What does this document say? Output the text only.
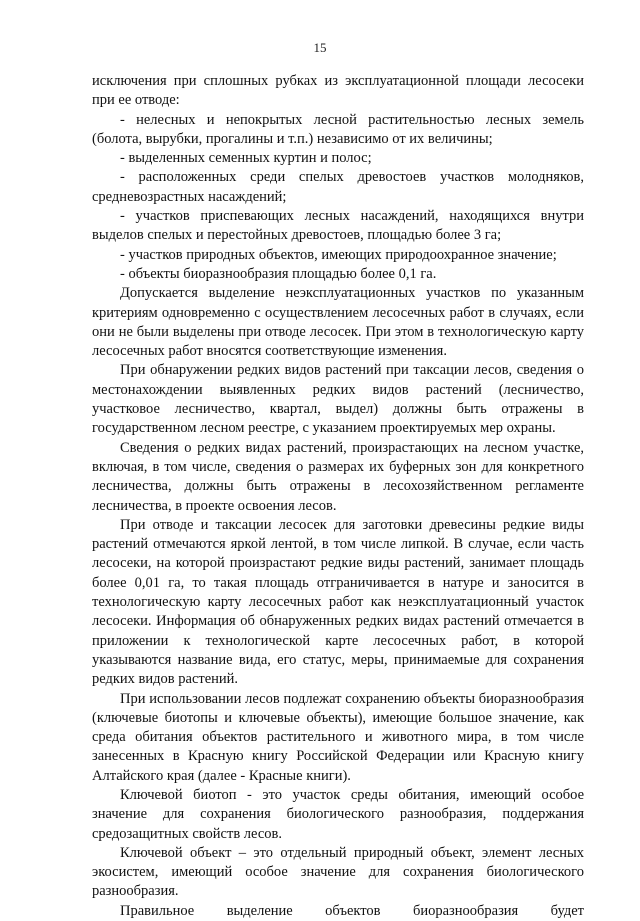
15

исключения при сплошных рубках из эксплуатационной площади лесосеки при ее отводе:

- нелесных и непокрытых лесной растительностью лесных земель (болота, вырубки, прогалины и т.п.) независимо от их величины;

- выделенных семенных куртин и полос;

- расположенных среди спелых древостоев участков молодняков, средневозрастных насаждений;

- участков приспевающих лесных насаждений, находящихся внутри выделов спелых и перестойных древостоев, площадью более 3 га;

- участков природных объектов, имеющих природоохранное значение;

- объекты биоразнообразия площадью более 0,1 га.

Допускается выделение неэксплуатационных участков по указанным критериям одновременно с осуществлением лесосечных работ в случаях, если они не были выделены при отводе лесосек. При этом в технологическую карту лесосечных работ вносятся соответствующие изменения.

При обнаружении редких видов растений при таксации лесов, сведения о местонахождении выявленных редких видов растений (лесничество, участковое лесничество, квартал, выдел) должны быть отражены в государственном лесном реестре, с указанием проектируемых мер охраны.

Сведения о редких видах растений, произрастающих на лесном участке, включая, в том числе, сведения о размерах их буферных зон для конкретного лесничества, должны быть отражены в лесохозяйственном регламенте лесничества, в проекте освоения лесов.

При отводе и таксации лесосек для заготовки древесины редкие виды растений отмечаются яркой лентой, в том числе липкой. В случае, если часть лесосеки, на которой произрастают редкие виды растений, занимает площадь более 0,01 га, то такая площадь отграничивается в натуре и заносится в технологическую карту лесосечных работ как неэксплуатационный участок лесосеки. Информация об обнаруженных редких видах растений отмечается в приложении к технологической карте лесосечных работ, в которой указываются название вида, его статус, меры, принимаемые для сохранения редких видов растений.

При использовании лесов подлежат сохранению объекты биоразнообразия (ключевые биотопы и ключевые объекты), имеющие большое значение, как среда обитания объектов растительного и животного мира, в том числе занесенных в Красную книгу Российской Федерации или Красную книгу Алтайского края (далее - Красные книги).

Ключевой биотоп - это участок среды обитания, имеющий особое значение для сохранения биологического разнообразия, поддержания средозащитных свойств лесов.

Ключевой объект – это отдельный природный объект, элемент лесных экосистем, имеющий особое значение для сохранения биологического разнообразия.

Правильное выделение объектов биоразнообразия будет
